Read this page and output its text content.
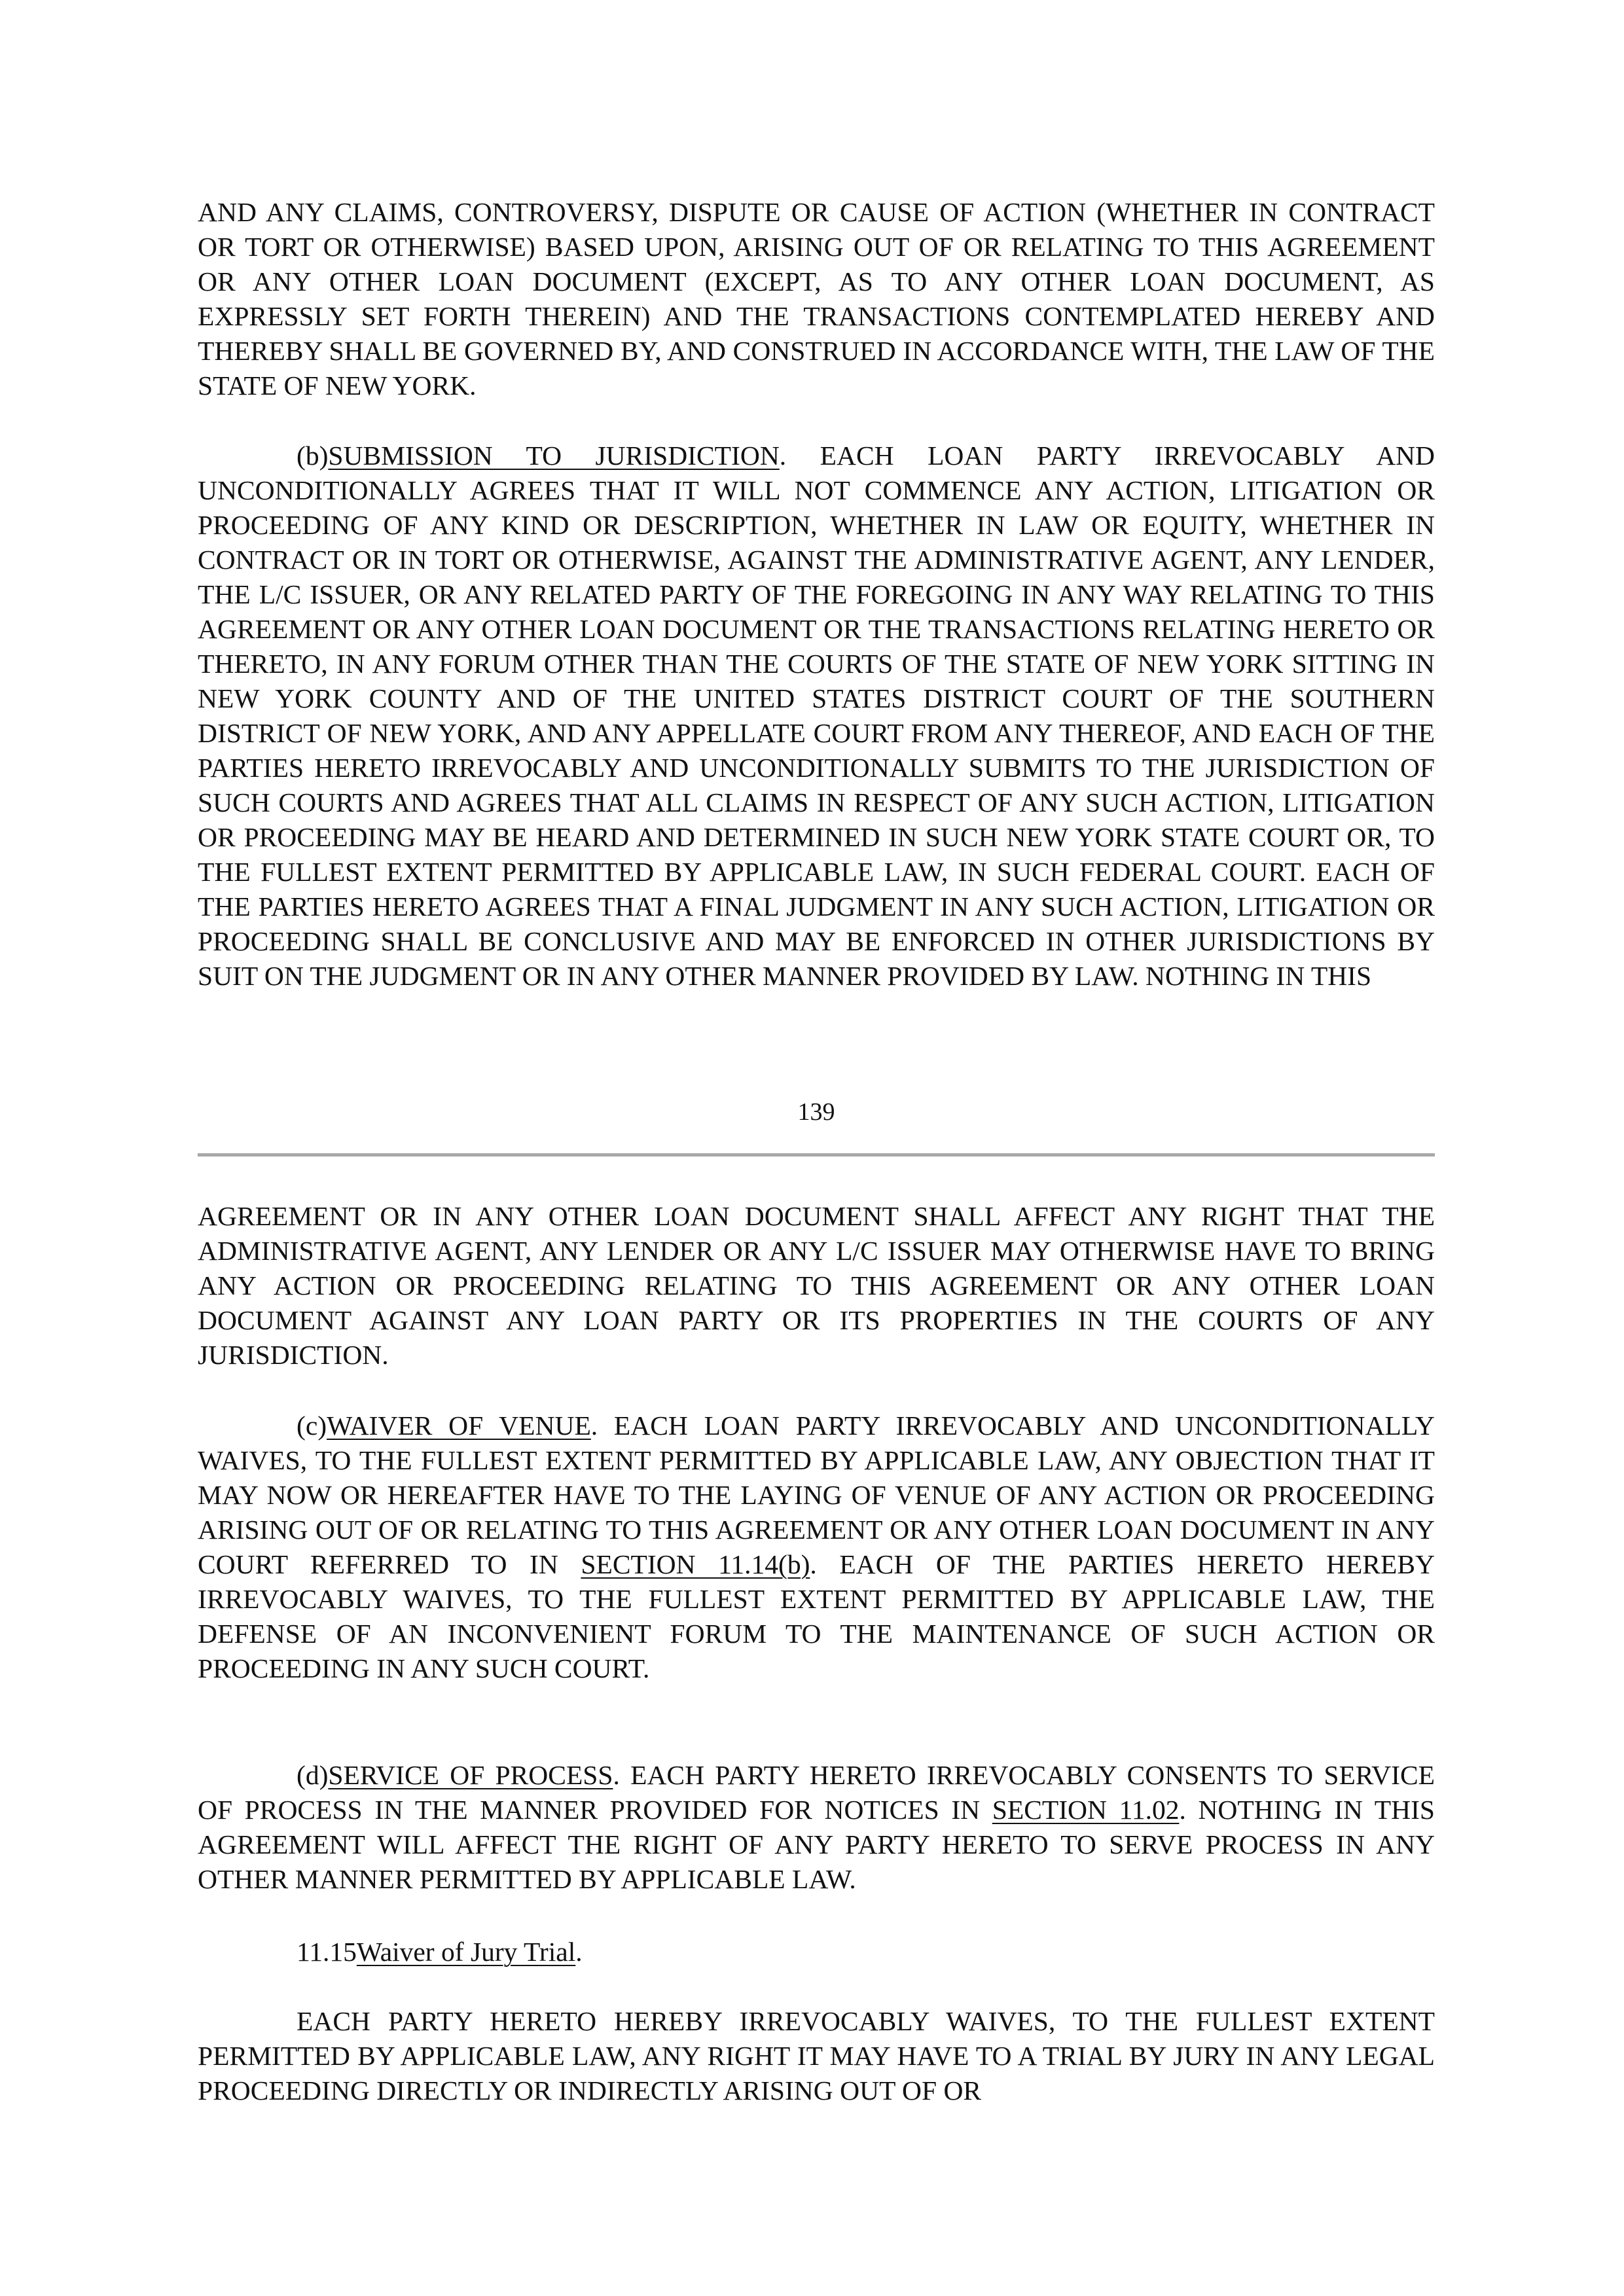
AND ANY CLAIMS, CONTROVERSY, DISPUTE OR CAUSE OF ACTION (WHETHER IN CONTRACT OR TORT OR OTHERWISE) BASED UPON, ARISING OUT OF OR RELATING TO THIS AGREEMENT OR ANY OTHER LOAN DOCUMENT (EXCEPT, AS TO ANY OTHER LOAN DOCUMENT, AS EXPRESSLY SET FORTH THEREIN) AND THE TRANSACTIONS CONTEMPLATED HEREBY AND THEREBY SHALL BE GOVERNED BY, AND CONSTRUED IN ACCORDANCE WITH, THE LAW OF THE STATE OF NEW YORK.

(b)SUBMISSION TO JURISDICTION. EACH LOAN PARTY IRREVOCABLY AND UNCONDITIONALLY AGREES THAT IT WILL NOT COMMENCE ANY ACTION, LITIGATION OR PROCEEDING OF ANY KIND OR DESCRIPTION, WHETHER IN LAW OR EQUITY, WHETHER IN CONTRACT OR IN TORT OR OTHERWISE, AGAINST THE ADMINISTRATIVE AGENT, ANY LENDER, THE L/C ISSUER, OR ANY RELATED PARTY OF THE FOREGOING IN ANY WAY RELATING TO THIS AGREEMENT OR ANY OTHER LOAN DOCUMENT OR THE TRANSACTIONS RELATING HERETO OR THERETO, IN ANY FORUM OTHER THAN THE COURTS OF THE STATE OF NEW YORK SITTING IN NEW YORK COUNTY AND OF THE UNITED STATES DISTRICT COURT OF THE SOUTHERN DISTRICT OF NEW YORK, AND ANY APPELLATE COURT FROM ANY THEREOF, AND EACH OF THE PARTIES HERETO IRREVOCABLY AND UNCONDITIONALLY SUBMITS TO THE JURISDICTION OF SUCH COURTS AND AGREES THAT ALL CLAIMS IN RESPECT OF ANY SUCH ACTION, LITIGATION OR PROCEEDING MAY BE HEARD AND DETERMINED IN SUCH NEW YORK STATE COURT OR, TO THE FULLEST EXTENT PERMITTED BY APPLICABLE LAW, IN SUCH FEDERAL COURT. EACH OF THE PARTIES HERETO AGREES THAT A FINAL JUDGMENT IN ANY SUCH ACTION, LITIGATION OR PROCEEDING SHALL BE CONCLUSIVE AND MAY BE ENFORCED IN OTHER JURISDICTIONS BY SUIT ON THE JUDGMENT OR IN ANY OTHER MANNER PROVIDED BY LAW. NOTHING IN THIS

139

AGREEMENT OR IN ANY OTHER LOAN DOCUMENT SHALL AFFECT ANY RIGHT THAT THE ADMINISTRATIVE AGENT, ANY LENDER OR ANY L/C ISSUER MAY OTHERWISE HAVE TO BRING ANY ACTION OR PROCEEDING RELATING TO THIS AGREEMENT OR ANY OTHER LOAN DOCUMENT AGAINST ANY LOAN PARTY OR ITS PROPERTIES IN THE COURTS OF ANY JURISDICTION.

(c)WAIVER OF VENUE. EACH LOAN PARTY IRREVOCABLY AND UNCONDITIONALLY WAIVES, TO THE FULLEST EXTENT PERMITTED BY APPLICABLE LAW, ANY OBJECTION THAT IT MAY NOW OR HEREAFTER HAVE TO THE LAYING OF VENUE OF ANY ACTION OR PROCEEDING ARISING OUT OF OR RELATING TO THIS AGREEMENT OR ANY OTHER LOAN DOCUMENT IN ANY COURT REFERRED TO IN SECTION 11.14(b). EACH OF THE PARTIES HERETO HEREBY IRREVOCABLY WAIVES, TO THE FULLEST EXTENT PERMITTED BY APPLICABLE LAW, THE DEFENSE OF AN INCONVENIENT FORUM TO THE MAINTENANCE OF SUCH ACTION OR PROCEEDING IN ANY SUCH COURT.

(d)SERVICE OF PROCESS. EACH PARTY HERETO IRREVOCABLY CONSENTS TO SERVICE OF PROCESS IN THE MANNER PROVIDED FOR NOTICES IN SECTION 11.02. NOTHING IN THIS AGREEMENT WILL AFFECT THE RIGHT OF ANY PARTY HERETO TO SERVE PROCESS IN ANY OTHER MANNER PERMITTED BY APPLICABLE LAW.

11.15Waiver of Jury Trial.

EACH PARTY HERETO HEREBY IRREVOCABLY WAIVES, TO THE FULLEST EXTENT PERMITTED BY APPLICABLE LAW, ANY RIGHT IT MAY HAVE TO A TRIAL BY JURY IN ANY LEGAL PROCEEDING DIRECTLY OR INDIRECTLY ARISING OUT OF OR
